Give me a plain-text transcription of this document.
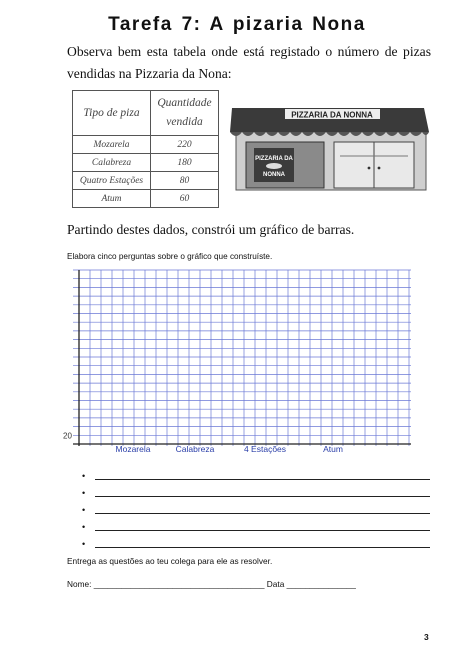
Tarefa 7: A pizaria Nona
Observa bem esta tabela onde está registado o número de pizas vendidas na Pizzaria da Nona:
Tipo de piza	Quantidade vendida
Mozarela	220
Calabreza	180
Quatro Estações	80
Atum	60
PIZZARIA DA NONNA
PIZZARIA DA
NONNA
Partindo destes dados, constrói um gráfico de barras.
Elabora cinco perguntas sobre o gráfico que construíste.
20
Mozarela	Calabreza	4 Estações	Atum
•
•
•
•
•
Entrega as questões ao teu colega para ele as resolver.
Nome: _____________________________________ Data _______________
3
